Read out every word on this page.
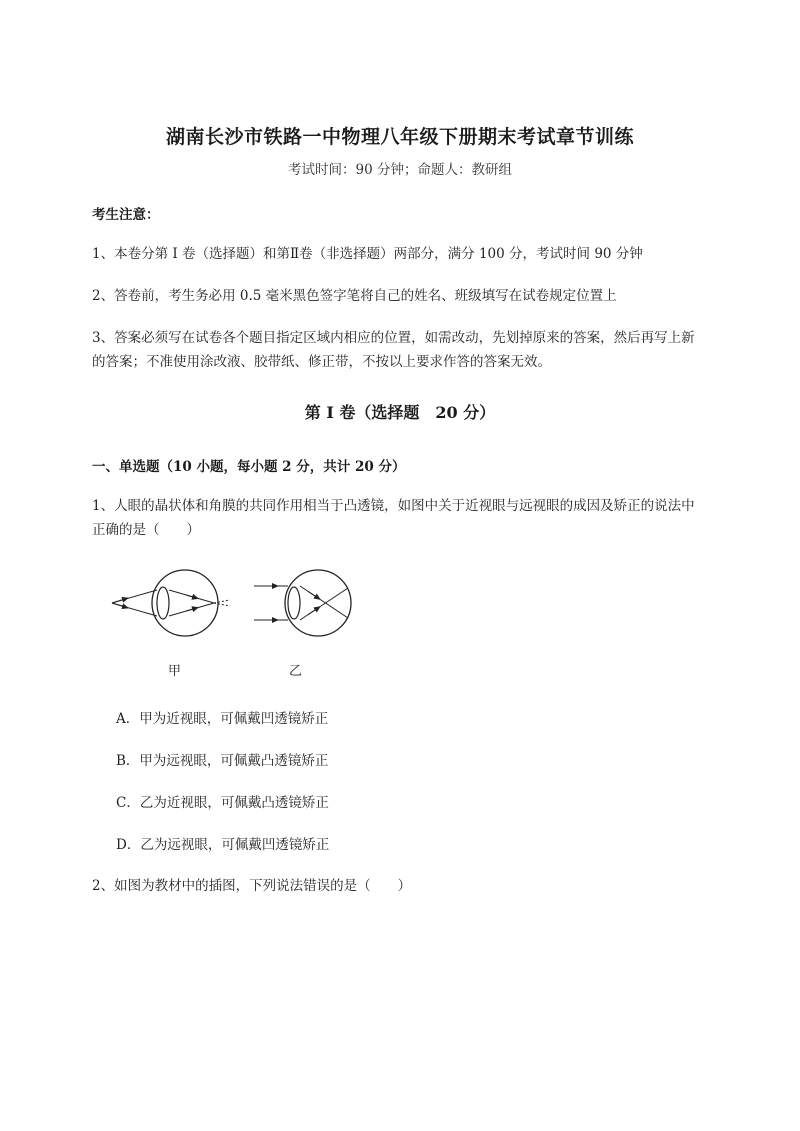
湖南长沙市铁路一中物理八年级下册期末考试章节训练
考试时间：90 分钟；命题人：教研组
考生注意：
1、本卷分第 I 卷（选择题）和第Ⅱ卷（非选择题）两部分，满分 100 分，考试时间 90 分钟
2、答卷前，考生务必用 0.5 毫米黑色签字笔将自己的姓名、班级填写在试卷规定位置上
3、答案必须写在试卷各个题目指定区域内相应的位置，如需改动，先划掉原来的答案，然后再写上新
的答案；不准使用涂改液、胶带纸、修正带，不按以上要求作答的答案无效。
第 I 卷（选择题　20 分）
一、单选题（10 小题，每小题 2 分，共计 20 分）
1、人眼的晶状体和角膜的共同作用相当于凸透镜，如图中关于近视眼与远视眼的成因及矫正的说法中
正确的是（　　）
甲	乙
A．甲为近视眼，可佩戴凹透镜矫正
B．甲为远视眼，可佩戴凸透镜矫正
C．乙为近视眼，可佩戴凸透镜矫正
D．乙为远视眼，可佩戴凹透镜矫正
2、如图为教材中的插图，下列说法错误的是（　　）
